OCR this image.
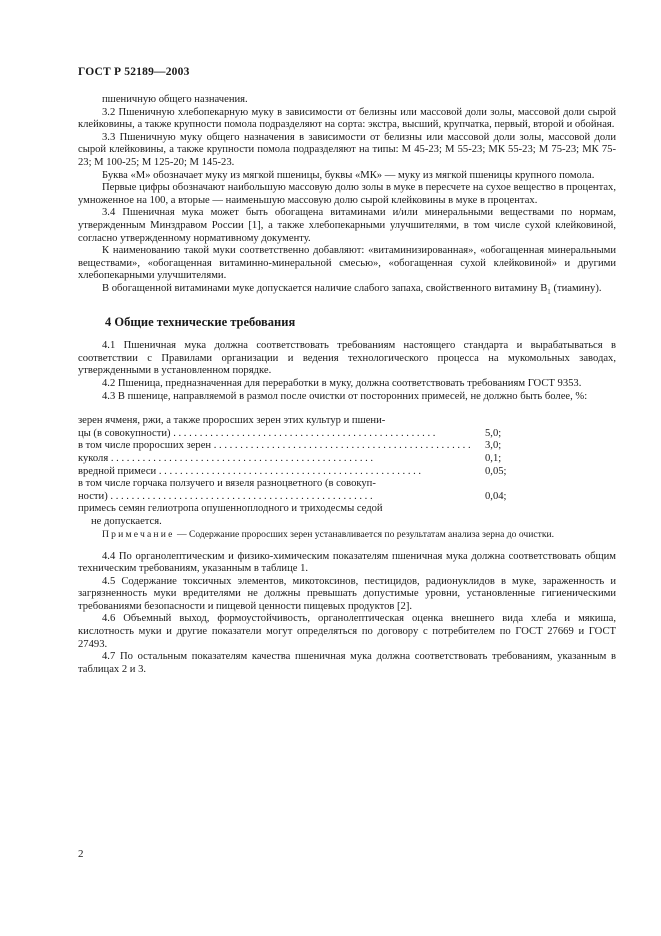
ГОСТ Р 52189—2003

пшеничную общего назначения.

3.2 Пшеничную хлебопекарную муку в зависимости от белизны или массовой доли золы, массовой доли сырой клейковины, а также крупности помола подразделяют на сорта: экстра, высший, крупчатка, первый, второй и обойная.

3.3 Пшеничную муку общего назначения в зависимости от белизны или массовой доли золы, массовой доли сырой клейковины, а также крупности помола подразделяют на типы: М 45-23; М 55-23; МК 55-23; М 75-23; МК 75-23; М 100-25; М 125-20; М 145-23.

Буква «М» обозначает муку из мягкой пшеницы, буквы «МК» — муку из мягкой пшеницы крупного помола.

Первые цифры обозначают наибольшую массовую долю золы в муке в пересчете на сухое вещество в процентах, умноженное на 100, а вторые — наименьшую массовую долю сырой клейковины в муке в процентах.

3.4 Пшеничная мука может быть обогащена витаминами и/или минеральными веществами по нормам, утвержденным Минздравом России [1], а также хлебопекарными улучшителями, в том числе сухой клейковиной, согласно утвержденному нормативному документу.

К наименованию такой муки соответственно добавляют: «витаминизированная», «обогащенная минеральными веществами», «обогащенная витаминно-минеральной смесью», «обогащенная сухой клейковиной» и другими хлебопекарными улучшителями.

В обогащенной витаминами муке допускается наличие слабого запаха, свойственного витамину $В_1$ (тиамину).

4 Общие технические требования

4.1 Пшеничная мука должна соответствовать требованиям настоящего стандарта и вырабатываться в соответствии с Правилами организации и ведения технологического процесса на мукомольных заводах, утвержденными в установленном порядке.

4.2 Пшеница, предназначенная для переработки в муку, должна соответствовать требованиям ГОСТ 9353.

4.3 В пшенице, направляемой в размол после очистки от посторонних примесей, не должно быть более, %:

зерен ячменя, ржи, а также проросших зерен этих культур и пшени-
цы (в совокупности) . . .	5,0;
в том числе проросших зерен . . .	3,0;
куколя . . .	0,1;
вредной примеси . . .	0,05;
в том числе горчака ползучего и вязеля разноцветного (в совокуп-
ности) . . .	0,04;
примесь семян гелиотропа опушенноплодного и триходесмы седой
не допускается.

Примечание — Содержание проросших зерен устанавливается по результатам анализа зерна до очистки.

4.4 По органолептическим и физико-химическим показателям пшеничная мука должна соответствовать общим техническим требованиям, указанным в таблице 1.

4.5 Содержание токсичных элементов, микотоксинов, пестицидов, радионуклидов в муке, зараженность и загрязненность муки вредителями не должны превышать допустимые уровни, установленные гигиеническими требованиями безопасности и пищевой ценности пищевых продуктов [2].

4.6 Объемный выход, формоустойчивость, органолептическая оценка внешнего вида хлеба и мякиша, кислотность муки и другие показатели могут определяться по договору с потребителем по ГОСТ 27669 и ГОСТ 27493.

4.7 По остальным показателям качества пшеничная мука должна соответствовать требованиям, указанным в таблицах 2 и 3.

2
